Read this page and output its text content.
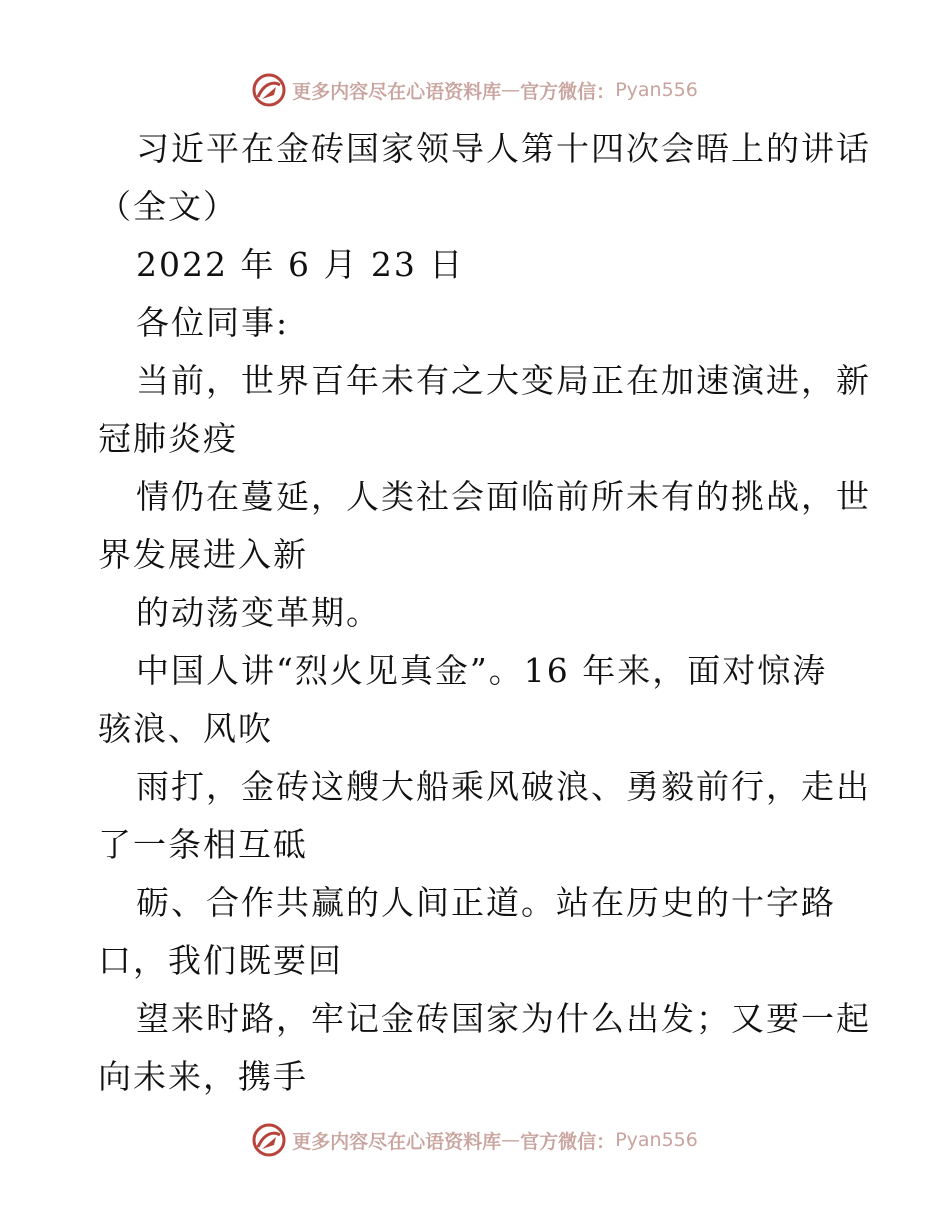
更多内容尽在心语资料库 — 官方微信： Pyan556
习近平在金砖国家领导人第十四次会晤上的讲话
（全文）
2022 年 6 月 23 日
各位同事:
当前，世界百年未有之大变局正在加速演进，新
冠肺炎疫
情仍在蔓延，人类社会面临前所未有的挑战，世
界发展进入新
的动荡变革期。
中国人讲“烈火见真金”。16 年来，面对惊涛
骇浪、风吹
雨打，金砖这艘大船乘风破浪、勇毅前行，走出
了一条相互砥
砺、合作共赢的人间正道。站在历史的十字路
口，我们既要回
望来时路，牢记金砖国家为什么出发；又要一起
向未来，携手
更多内容尽在心语资料库 — 官方微信： Pyan556
